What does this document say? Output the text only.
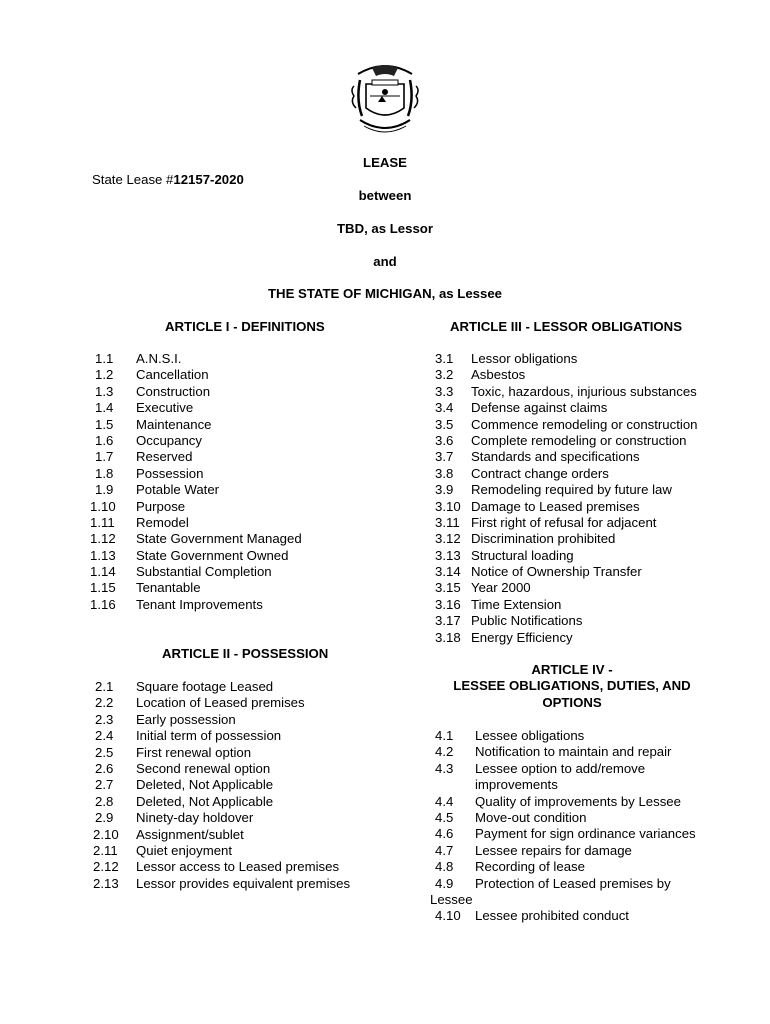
LEASE
State Lease #12157-2020
between
TBD, as Lessor
and
THE STATE OF MICHIGAN, as Lessee
ARTICLE I - DEFINITIONS
1.1 A.N.S.I.
1.2 Cancellation
1.3 Construction
1.4 Executive
1.5 Maintenance
1.6 Occupancy
1.7 Reserved
1.8 Possession
1.9 Potable Water
1.10 Purpose
1.11 Remodel
1.12 State Government Managed
1.13 State Government Owned
1.14 Substantial Completion
1.15 Tenantable
1.16 Tenant Improvements
ARTICLE II - POSSESSION
2.1 Square footage Leased
2.2 Location of Leased premises
2.3 Early possession
2.4 Initial term of possession
2.5 First renewal option
2.6 Second renewal option
2.7 Deleted, Not Applicable
2.8 Deleted, Not Applicable
2.9 Ninety-day holdover
2.10 Assignment/sublet
2.11 Quiet enjoyment
2.12 Lessor access to Leased premises
2.13 Lessor provides equivalent premises
ARTICLE III - LESSOR OBLIGATIONS
3.1 Lessor obligations
3.2 Asbestos
3.3 Toxic, hazardous, injurious substances
3.4 Defense against claims
3.5 Commence remodeling or construction
3.6 Complete remodeling or construction
3.7 Standards and specifications
3.8 Contract change orders
3.9 Remodeling required by future law
3.10 Damage to Leased premises
3.11 First right of refusal for adjacent
3.12 Discrimination prohibited
3.13 Structural loading
3.14 Notice of Ownership Transfer
3.15 Year 2000
3.16 Time Extension
3.17 Public Notifications
3.18 Energy Efficiency
ARTICLE IV -
LESSEE OBLIGATIONS, DUTIES, AND
OPTIONS
4.1 Lessee obligations
4.2 Notification to maintain and repair
4.3 Lessee option to add/remove
improvements
4.4 Quality of improvements by Lessee
4.5 Move-out condition
4.6 Payment for sign ordinance variances
4.7 Lessee repairs for damage
4.8 Recording of lease
4.9 Protection of Leased premises by
Lessee
4.10 Lessee prohibited conduct
